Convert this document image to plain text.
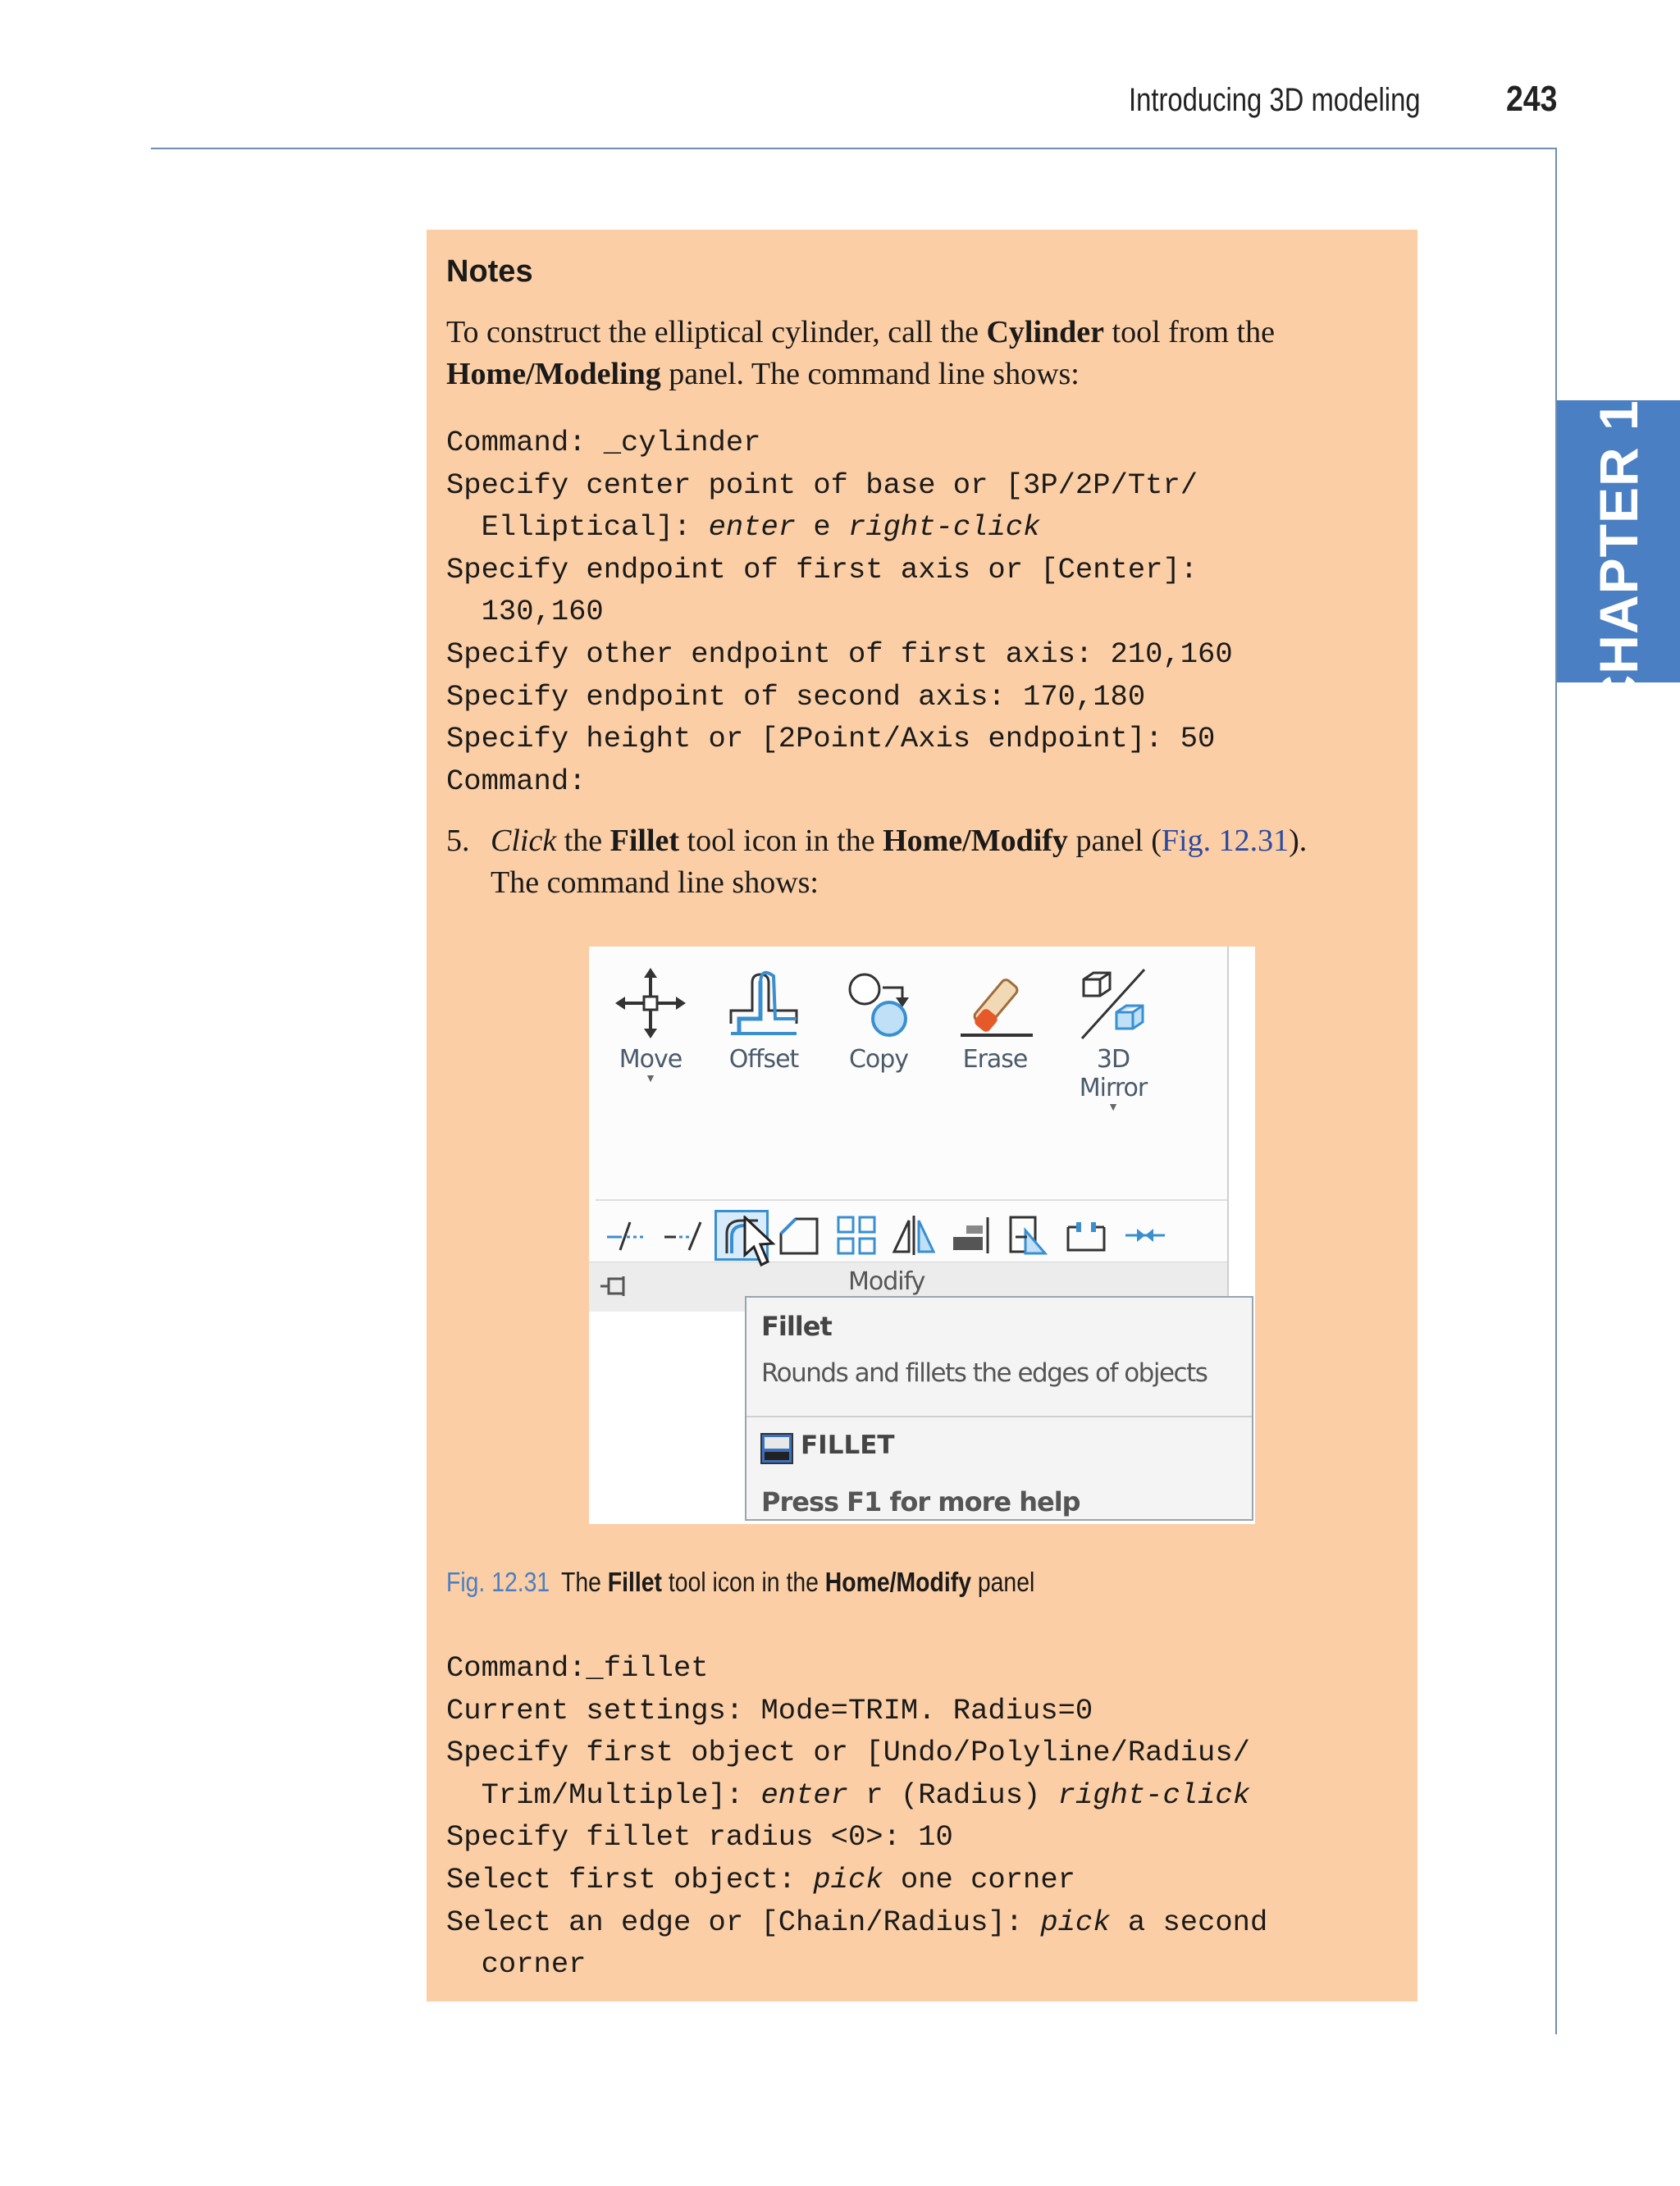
Introducing 3D modeling 243
CHAPTER 12
Notes
To construct the elliptical cylinder, call the Cylinder tool from the
Home/Modeling panel. The command line shows:
Command: _cylinder
Specify center point of base or [3P/2P/Ttr/
Elliptical]: enter e right-click
Specify endpoint of first axis or [Center]:
130,160
Specify other endpoint of first axis: 210,160
Specify endpoint of second axis: 170,180
Specify height or [2Point/Axis endpoint]: 50
Command:
5. Click the Fillet tool icon in the Home/Modify panel (Fig. 12.31).
The command line shows:
Move
▼
Offset	Copy	Erase	3D Mirror
▼
Modify
Fillet
Rounds and fillets the edges of objects
FILLET
Press F1 for more help
Fig. 12.31 The Fillet tool icon in the Home/Modify panel
Command:_fillet
Current settings: Mode=TRIM. Radius=0
Specify first object or [Undo/Polyline/Radius/
Trim/Multiple]: enter r (Radius) right-click
Specify fillet radius <0>: 10
Select first object: pick one corner
Select an edge or [Chain/Radius]: pick a second
corner
